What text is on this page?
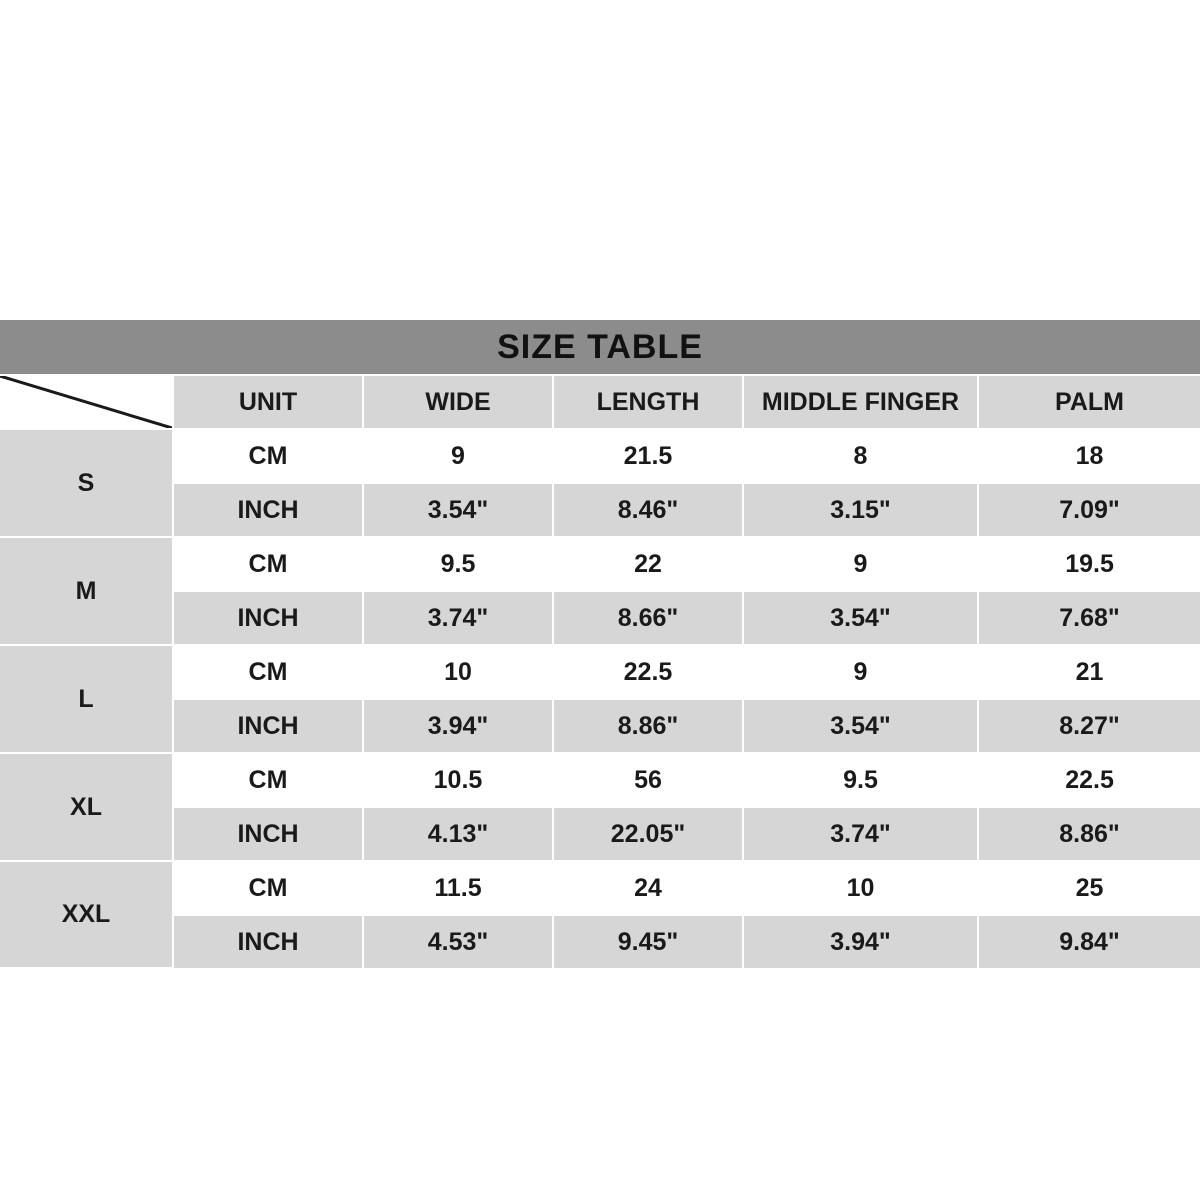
SIZE TABLE					

	UNIT	WIDE	LENGTH	MIDDLE FINGER	PALM
S	CM	9	21.5	8	18
	INCH	3.54"	8.46"	3.15"	7.09"
M	CM	9.5	22	9	19.5
	INCH	3.74"	8.66"	3.54"	7.68"
L	CM	10	22.5	9	21
	INCH	3.94"	8.86"	3.54"	8.27"
XL	CM	10.5	56	9.5	22.5
	INCH	4.13"	22.05"	3.74"	8.86"
XXL	CM	11.5	24	10	25
	INCH	4.53"	9.45"	3.94"	9.84"
